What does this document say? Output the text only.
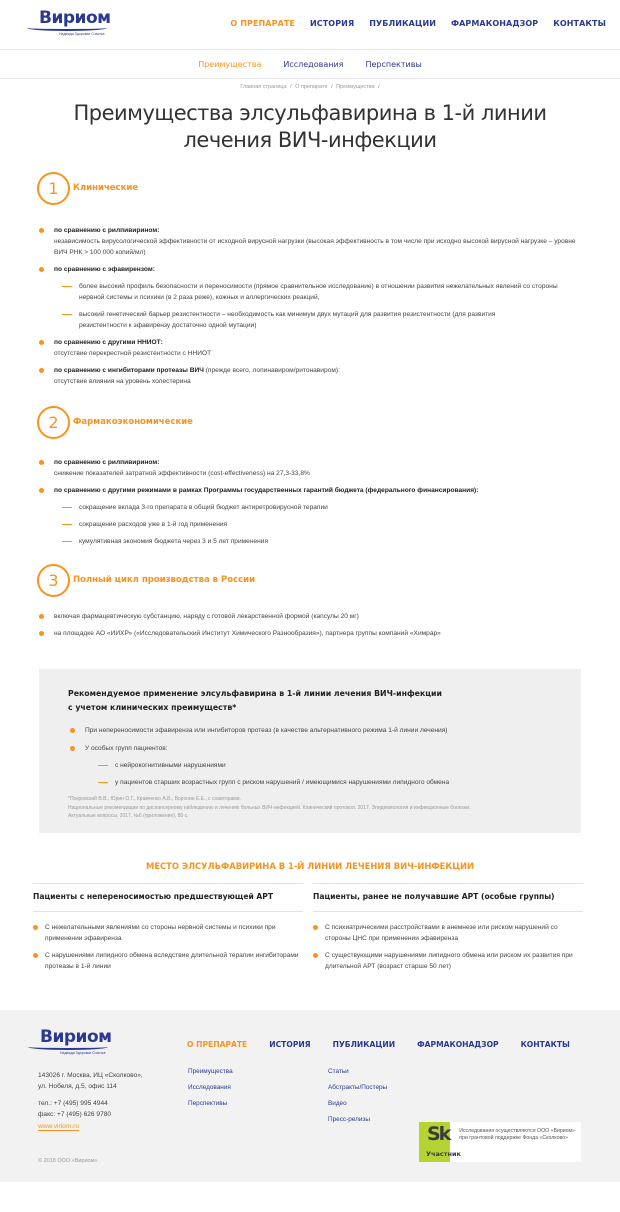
Вириом
Надежда Здоровье Счастье
О ПРЕПАРАТЕ ИСТОРИЯ ПУБЛИКАЦИИ ФАРМАКОНАДЗОР КОНТАКТЫ
Преимущества	Исследования	Перспективы
Главная страница / О препарате / Преимущества /
Преимущества элсульфавирина в 1-й линии лечения ВИЧ-инфекции
1	Клинические
по сравнению с рилпивирином:
независимость вирусологической эффективности от исходной вирусной нагрузки (высокая эффективность в том числе при исходно высокой вирусной нагрузке – уровне ВИЧ РНК > 100 000 копий/мл)
по сравнению с эфавирензом:
более высокий профиль безопасности и переносимости (прямое сравнительное исследование) в отношении развития нежелательных явлений со стороны нервной системы и психики (в 2 раза реже), кожных и аллергических реакций,
высокий генетический барьер резистентности – необходимость как минимум двух мутаций для развития резистентности (для развития резистентности к эфавирензу достаточно одной мутации)
по сравнению с другими ННИОТ:
отсутствие перекрестной резистентности с ННИОТ
по сравнению с ингибиторами протеазы ВИЧ (прежде всего, лопинавиром/ритонавиром):
отсутствие влияния на уровень холестерина
2	Фармакоэкономические
по сравнению с рилпивирином:
снижение показателей затратной эффективности (cost-effectiveness) на 27,3-33,8%
по сравнению с другими режимами в рамках Программы государственных гарантий бюджета (федерального финансирования):
сокращение вклада 3-го препарата в общий бюджет антиретровирусной терапии
сокращение расходов уже в 1-й год применения
кумулятивная экономия бюджета через 3 и 5 лет применения
3	Полный цикл производства в России
включая фармацевтическую субстанцию, наряду с готовой лекарственной формой (капсулы 20 мг)
на площадке АО «ИИХР» («Исследовательский Институт Химического Разнообразия»), партнера группы компаний «Химрар»
Рекомендуемое применение элсульфавирина в 1-й линии лечения ВИЧ-инфекции
с учетом клинических преимуществ*
При непереносимости эфавиренза или ингибиторов протеаз (в качестве альтернативного режима 1-й линии лечения)
У особых групп пациентов:
с нейрокогнитивными нарушениями
у пациентов старших возрастных групп с риском нарушений / имеющимися нарушениями липидного обмена
*Покровский В.В., Юрин О.Г., Кравченко А.В., Воронин Е.Е., с соавторами.
Национальные рекомендации по диспансерному наблюдению и лечению больных ВИЧ-инфекцией. Клинический протокол. 2017. Эпидемиология и инфекционные болезни.
Актуальные вопросы, 2017, №6 (приложение), 80 с.
МЕСТО ЭЛСУЛЬФАВИРИНА В 1-Й ЛИНИИ ЛЕЧЕНИЯ ВИЧ-ИНФЕКЦИИ
Пациенты с непереносимостью предшествующей АРТ
С нежелательными явлениями со стороны нервной системы и психики при применении эфавиренза
С нарушениями липидного обмена вследствие длительной терапии ингибиторами протеазы в 1-й линии
Пациенты, ранее не получавшие АРТ (особые группы)
С психиатрическими расстройствами в анемнезе или риском нарушений со стороны ЦНС при применении эфавиренза
С существующими нарушениями липидного обмена или риском их развития при длительной АРТ (возраст старше 50 лет)
Вириом
Надежда Здоровье Счастье
О ПРЕПАРАТЕ	ИСТОРИЯ	ПУБЛИКАЦИИ	ФАРМАКОНАДЗОР	КОНТАКТЫ
Преимущества
Исследования
Перспективы
Статьи
Абстракты/Постеры
Видео
Пресс-релизы
143026 г. Москва, ИЦ «Сколково»,
ул. Нобеля, д.5, офис 114
тел.: +7 (495) 995 4944
факс: +7 (495) 626 9780
www.viriom.ru
© 2018 ООО «Вириом»
Sk
Участник
Исследования осуществляются ООО «Вириом» при грантовой поддержке Фонда «Сколково»
